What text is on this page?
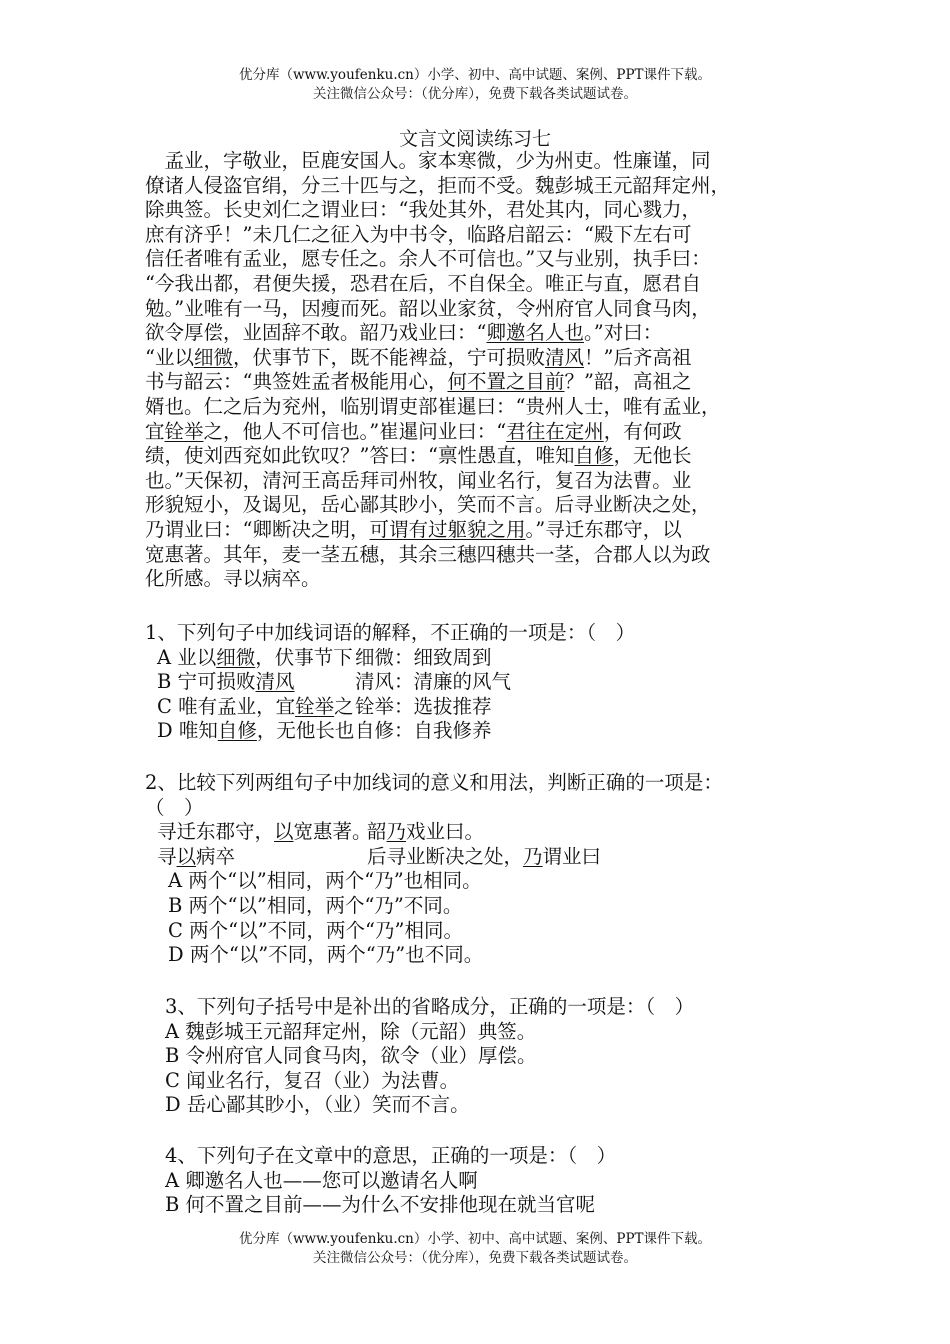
优分库（www.youfenku.cn）小学、初中、高中试题、案例、PPT课件下载。
关注微信公众号：（优分库），免费下载各类试题试卷。
文言文阅读练习七
　孟业，字敬业，臣鹿安国人。家本寒微，少为州吏。性廉谨，同
僚诸人侵盗官绢，分三十匹与之，拒而不受。魏彭城王元韶拜定州，
除典签。长史刘仁之谓业曰：“我处其外，君处其内，同心戮力，
庶有济乎！”未几仁之征入为中书令，临路启韶云：“殿下左右可
信任者唯有孟业，愿专任之。余人不可信也。”又与业别，执手曰：
“今我出都，君便失援，恐君在后，不自保全。唯正与直，愿君自
勉。”业唯有一马，因瘦而死。韶以业家贫，令州府官人同食马肉，
欲令厚偿，业固辞不敢。韶乃戏业曰：“卿邀名人也。”对曰：
“业以细微，伏事节下，既不能裨益，宁可损败清风！”后齐高祖
书与韶云：“典签姓孟者极能用心，何不置之目前？”韶，高祖之
婿也。仁之后为兖州，临别谓吏部崔暹曰：“贵州人士，唯有孟业，
宜铨举之，他人不可信也。”崔暹问业曰：“君往在定州，有何政
绩，使刘西兖如此钦叹？”答曰：“禀性愚直，唯知自修，无他长
也。”天保初，清河王高岳拜司州牧，闻业名行，复召为法曹。业
形貌短小，及谒见，岳心鄙其眇小，笑而不言。后寻业断决之处，
乃谓业曰：“卿断决之明，可谓有过躯貌之用。”寻迁东郡守，以
宽惠著。其年，麦一茎五穗，其余三穗四穗共一茎，合郡人以为政
化所感。寻以病卒。
1、下列句子中加线词语的解释，不正确的一项是：（　）
A 业以细微，伏事节下 细微：细致周到
B 宁可损败清风	清风：清廉的风气
C 唯有孟业，宜铨举之 铨举：选拔推荐
D 唯知自修，无他长也 自修：自我修养
2、比较下列两组句子中加线词的意义和用法，判断正确的一项是：
（　）
寻迁东郡守，以宽惠著。
韶乃戏业曰。
寻以病卒	后寻业断决之处，乃谓业曰
A 两个“以”相同，两个“乃”也相同。
B 两个“以”相同，两个“乃”不同。
C 两个“以”不同，两个“乃”相同。
D 两个“以”不同，两个“乃”也不同。
3、下列句子括号中是补出的省略成分，正确的一项是：（　）
A 魏彭城王元韶拜定州，除（元韶）典签。
B 令州府官人同食马肉，欲令（业）厚偿。
C 闻业名行，复召（业）为法曹。
D 岳心鄙其眇小，（业）笑而不言。
4、下列句子在文章中的意思，正确的一项是：（　）
A 卿邀名人也——您可以邀请名人啊
B 何不置之目前——为什么不安排他现在就当官呢
优分库（www.youfenku.cn）小学、初中、高中试题、案例、PPT课件下载。
关注微信公众号：（优分库），免费下载各类试题试卷。
